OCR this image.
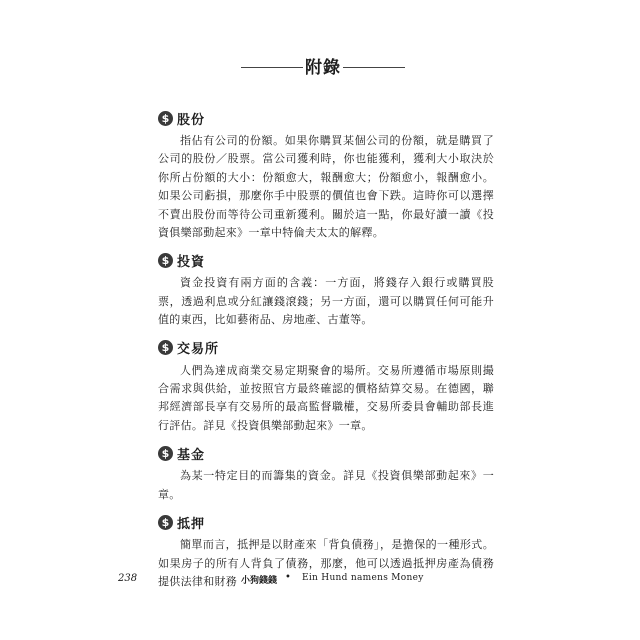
附錄
$ 股份

指佔有公司的份額。如果你購買某個公司的份額，就是購買了公司的股份／股票。當公司獲利時，你也能獲利，獲利大小取決於你所占份額的大小：份額愈大，報酬愈大；份額愈小，報酬愈小。如果公司虧損，那麼你手中股票的價值也會下跌。這時你可以選擇不賣出股份而等待公司重新獲利。關於這一點，你最好讀一讀《投資俱樂部動起來》一章中特倫夫太太的解釋。

$ 投資

資金投資有兩方面的含義：一方面，將錢存入銀行或購買股票，透過利息或分紅讓錢滾錢；另一方面，還可以購買任何可能升值的東西，比如藝術品、房地產、古董等。

$ 交易所

人們為達成商業交易定期聚會的場所。交易所遵循市場原則撮合需求與供給，並按照官方最終確認的價格結算交易。在德國，聯邦經濟部長享有交易所的最高監督職權，交易所委員會輔助部長進行評估。詳見《投資俱樂部動起來》一章。

$ 基金

為某一特定目的而籌集的資金。詳見《投資俱樂部動起來》一章。

$ 抵押

簡單而言，抵押是以財產來「背負債務」，是擔保的一種形式。如果房子的所有人背負了債務，那麼，他可以透過抵押房產為債務提供法律和財務

238	小狗錢錢 • Ein Hund namens Money
